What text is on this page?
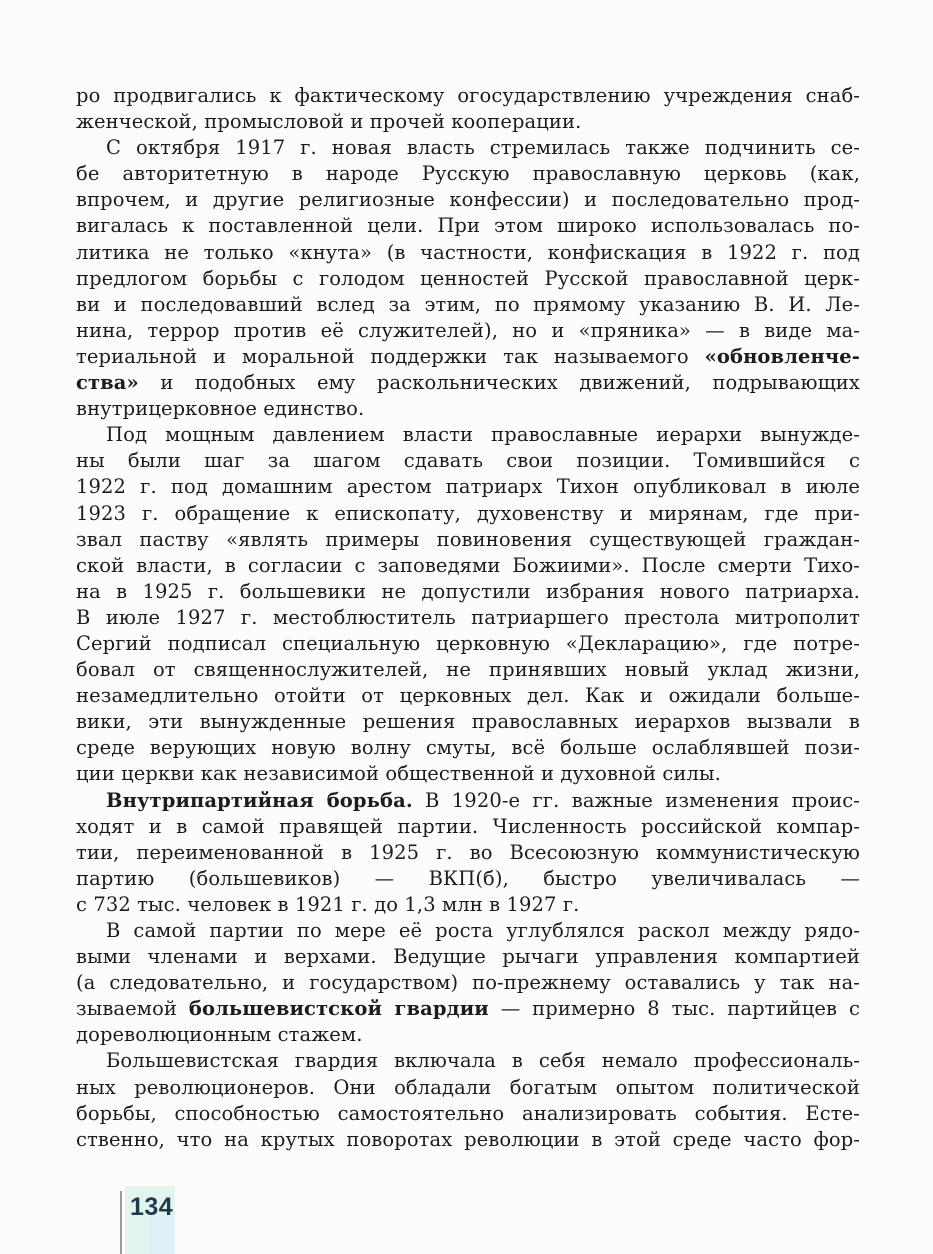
ро продвигались к фактическому огосударствлению учреждения снаб-
женческой, промысловой и прочей кооперации.
С октября 1917 г. новая власть стремилась также подчинить се-
бе авторитетную в народе Русскую православную церковь (как,
впрочем, и другие религиозные конфессии) и последовательно прод-
вигалась к поставленной цели. При этом широко использовалась по-
литика не только «кнута» (в частности, конфискация в 1922 г. под
предлогом борьбы с голодом ценностей Русской православной церк-
ви и последовавший вслед за этим, по прямому указанию В. И. Ле-
нина, террор против её служителей), но и «пряника» — в виде ма-
териальной и моральной поддержки так называемого «обновленче-
ства» и подобных ему раскольнических движений, подрывающих
внутрицерковное единство.
Под мощным давлением власти православные иерархи вынужде-
ны были шаг за шагом сдавать свои позиции. Томившийся с
1922 г. под домашним арестом патриарх Тихон опубликовал в июле
1923 г. обращение к епископату, духовенству и мирянам, где при-
звал паству «являть примеры повиновения существующей граждан-
ской власти, в согласии с заповедями Божиими». После смерти Тихо-
на в 1925 г. большевики не допустили избрания нового патриарха.
В июле 1927 г. местоблюститель патриаршего престола митрополит
Сергий подписал специальную церковную «Декларацию», где потре-
бовал от священнослужителей, не принявших новый уклад жизни,
незамедлительно отойти от церковных дел. Как и ожидали больше-
вики, эти вынужденные решения православных иерархов вызвали в
среде верующих новую волну смуты, всё больше ослаблявшей пози-
ции церкви как независимой общественной и духовной силы.
Внутрипартийная борьба. В 1920-е гг. важные изменения проис-
ходят и в самой правящей партии. Численность российской компар-
тии, переименованной в 1925 г. во Всесоюзную коммунистическую
партию (большевиков) — ВКП(б), быстро увеличивалась —
с 732 тыс. человек в 1921 г. до 1,3 млн в 1927 г.
В самой партии по мере её роста углублялся раскол между рядо-
выми членами и верхами. Ведущие рычаги управления компартией
(а следовательно, и государством) по-прежнему оставались у так на-
зываемой большевистской гвардии — примерно 8 тыс. партийцев с
дореволюционным стажем.
Большевистская гвардия включала в себя немало профессиональ-
ных революционеров. Они обладали богатым опытом политической
борьбы, способностью самостоятельно анализировать события. Есте-
ственно, что на крутых поворотах революции в этой среде часто фор-
134
